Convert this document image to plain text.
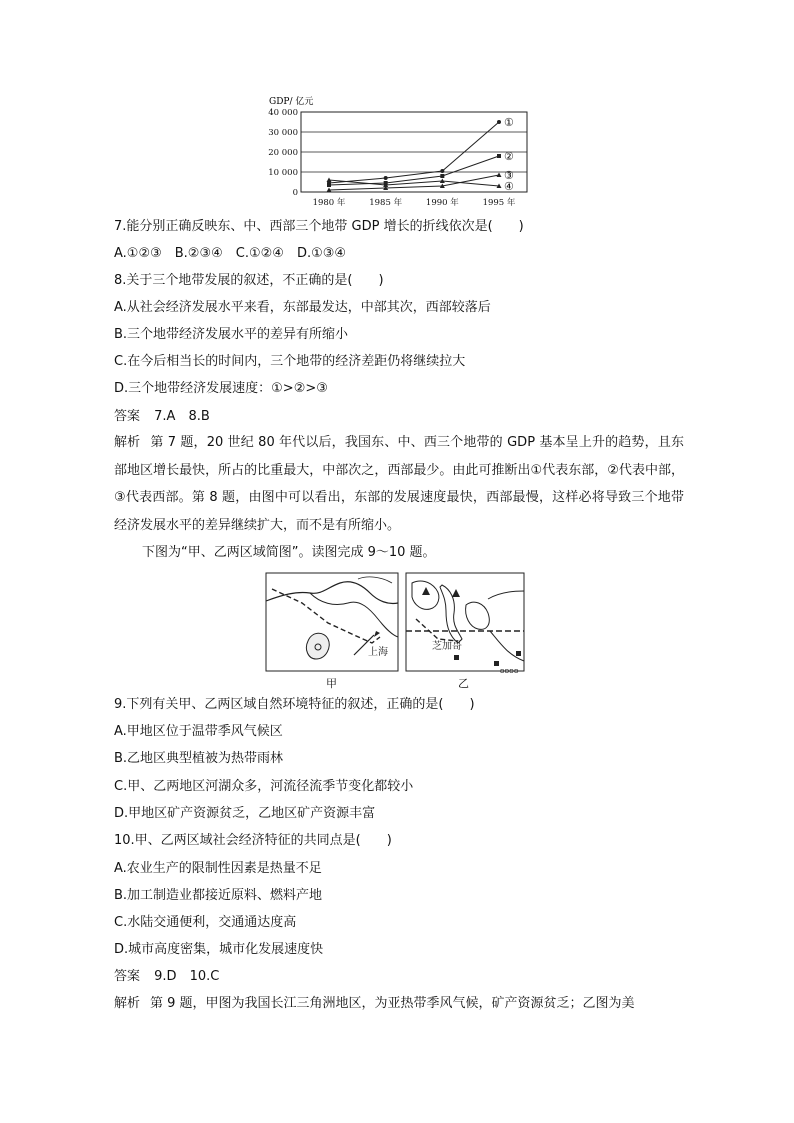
GDP/ 亿元
0
10 000
20 000
30 000
40 000
1980 年	1985 年	1990 年	1995 年
①
②
③
④
7.能分别正确反映东、中、西部三个地带 GDP 增长的折线依次是(　　)
A.①②③　B.②③④　C.①②④　D.①③④
8.关于三个地带发展的叙述，不正确的是(　　)
A.从社会经济发展水平来看，东部最发达，中部其次，西部较落后
B.三个地带经济发展水平的差异有所缩小
C.在今后相当长的时间内，三个地带的经济差距仍将继续拉大
D.三个地带经济发展速度：①>②>③
答案 7.A　8.B
解析 第 7 题，20 世纪 80 年代以后，我国东、中、西三个地带的 GDP 基本呈上升的趋势，且东部地区增长最快，所占的比重最大，中部次之，西部最少。由此可推断出①代表东部，②代表中部，③代表西部。第 8 题，由图中可以看出，东部的发展速度最快，西部最慢，这样必将导致三个地带经济发展水平的差异继续扩大，而不是有所缩小。
下图为“甲、乙两区域简图”。读图完成 9～10 题。
上海
ʚʚʚʚ
芝加哥
甲	乙
9.下列有关甲、乙两区域自然环境特征的叙述，正确的是(　　)
A.甲地区位于温带季风气候区
B.乙地区典型植被为热带雨林
C.甲、乙两地区河湖众多，河流径流季节变化都较小
D.甲地区矿产资源贫乏，乙地区矿产资源丰富
10.甲、乙两区域社会经济特征的共同点是(　　)
A.农业生产的限制性因素是热量不足
B.加工制造业都接近原料、燃料产地
C.水陆交通便利，交通通达度高
D.城市高度密集，城市化发展速度快
答案 9.D　10.C
解析 第 9 题，甲图为我国长江三角洲地区，为亚热带季风气候，矿产资源贫乏；乙图为美
